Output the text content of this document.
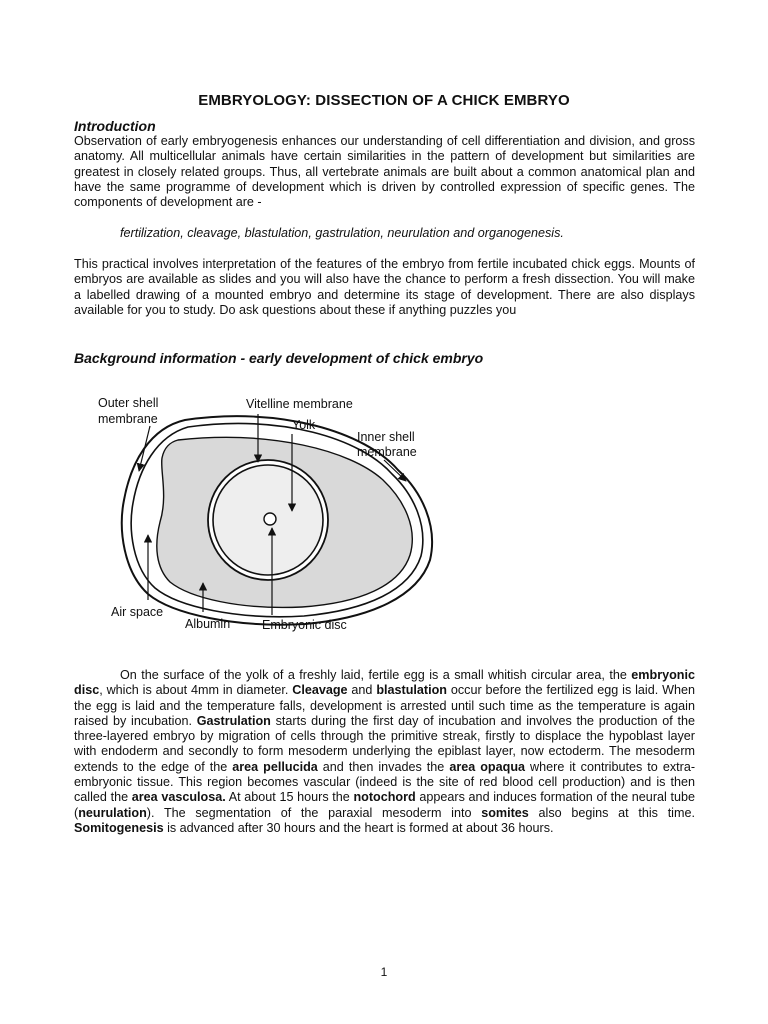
EMBRYOLOGY: DISSECTION OF A CHICK EMBRYO
Introduction
Observation of early embryogenesis enhances our understanding of cell differentiation and division, and gross anatomy. All multicellular animals have certain similarities in the pattern of development but similarities are greatest in closely related groups. Thus, all vertebrate animals are built about a common anatomical plan and have the same programme of development which is driven by controlled expression of specific genes. The components of development are -
fertilization, cleavage, blastulation, gastrulation, neurulation and organogenesis.
This practical involves interpretation of the features of the embryo from fertile incubated chick eggs. Mounts of embryos are available as slides and you will also have the chance to perform a fresh dissection. You will make a labelled drawing of a mounted embryo and determine its stage of development. There are also displays available for you to study. Do ask questions about these if anything puzzles you
Background information - early development of chick embryo
Outer shell
membrane
Vitelline membrane
Yolk
Inner shell
membrane
Air space
Albumin	Embryonic disc
On the surface of the yolk of a freshly laid, fertile egg is a small whitish circular area, the embryonic disc, which is about 4mm in diameter. Cleavage and blastulation occur before the fertilized egg is laid. When the egg is laid and the temperature falls, development is arrested until such time as the temperature is again raised by incubation. Gastrulation starts during the first day of incubation and involves the production of the three-layered embryo by migration of cells through the primitive streak, firstly to displace the hypoblast layer with endoderm and secondly to form mesoderm underlying the epiblast layer, now ectoderm. The mesoderm extends to the edge of the area pellucida and then invades the area opaqua where it contributes to extra-embryonic tissue. This region becomes vascular (indeed is the site of red blood cell production) and is then called the area vasculosa. At about 15 hours the notochord appears and induces formation of the neural tube (neurulation). The segmentation of the paraxial mesoderm into somites also begins at this time. Somitogenesis is advanced after 30 hours and the heart is formed at about 36 hours.
1
